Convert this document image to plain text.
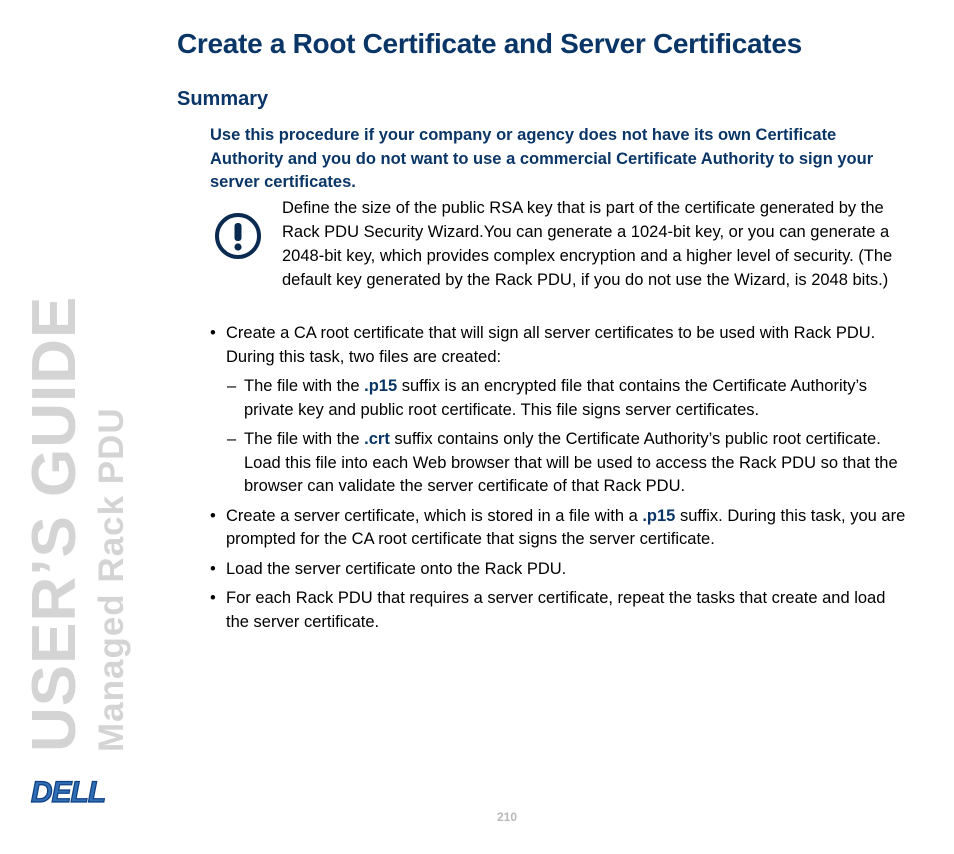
USER’S GUIDE Managed Rack PDU
DELL
Create a Root Certificate and Server Certificates
Summary

Use this procedure if your company or agency does not have its own Certificate Authority and you do not want to use a commercial Certificate Authority to sign your server certificates.

Define the size of the public RSA key that is part of the certificate generated by the Rack PDU Security Wizard.You can generate a 1024-bit key, or you can generate a 2048-bit key, which provides complex encryption and a higher level of security. (The default key generated by the Rack PDU, if you do not use the Wizard, is 2048 bits.)

• Create a CA root certificate that will sign all server certificates to be used with Rack PDU. During this task, two files are created:
– The file with the .p15 suffix is an encrypted file that contains the Certificate Authority’s private key and public root certificate. This file signs server certificates.
– The file with the .crt suffix contains only the Certificate Authority’s public root certificate. Load this file into each Web browser that will be used to access the Rack PDU so that the browser can validate the server certificate of that Rack PDU.
• Create a server certificate, which is stored in a file with a .p15 suffix. During this task, you are prompted for the CA root certificate that signs the server certificate.
• Load the server certificate onto the Rack PDU.
• For each Rack PDU that requires a server certificate, repeat the tasks that create and load the server certificate.
210
